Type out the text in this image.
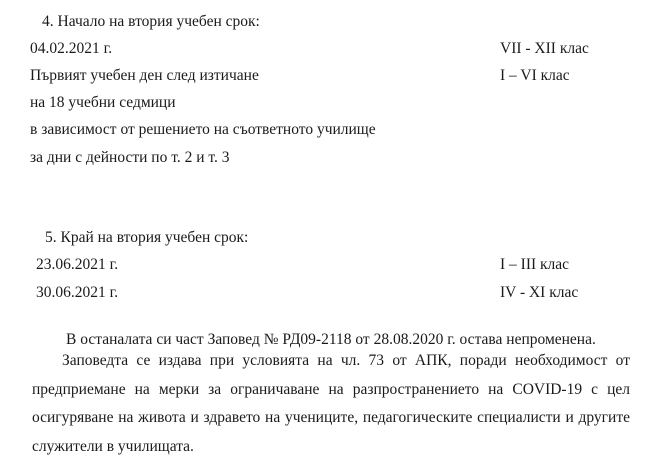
4. Начало на втория учебен срок:
04.02.2021 г.	VII - XII клас
Първият учебен ден след изтичане	I – VI клас
на 18 учебни седмици
в зависимост от решението на съответното училище
за дни с дейности по т. 2 и т. 3
5. Край на втория учебен срок:
23.06.2021 г.	I – III клас
30.06.2021 г.	IV - XI клас
В останалата си част Заповед № РД09-2118 от 28.08.2020 г. остава непроменена.
Заповедта се издава при условията на чл. 73 от АПК, поради необходимост от предприемане на мерки за ограничаване на разпространението на COVID-19 с цел осигуряване на живота и здравето на учениците, педагогическите специалисти и другите служители в училищата.
